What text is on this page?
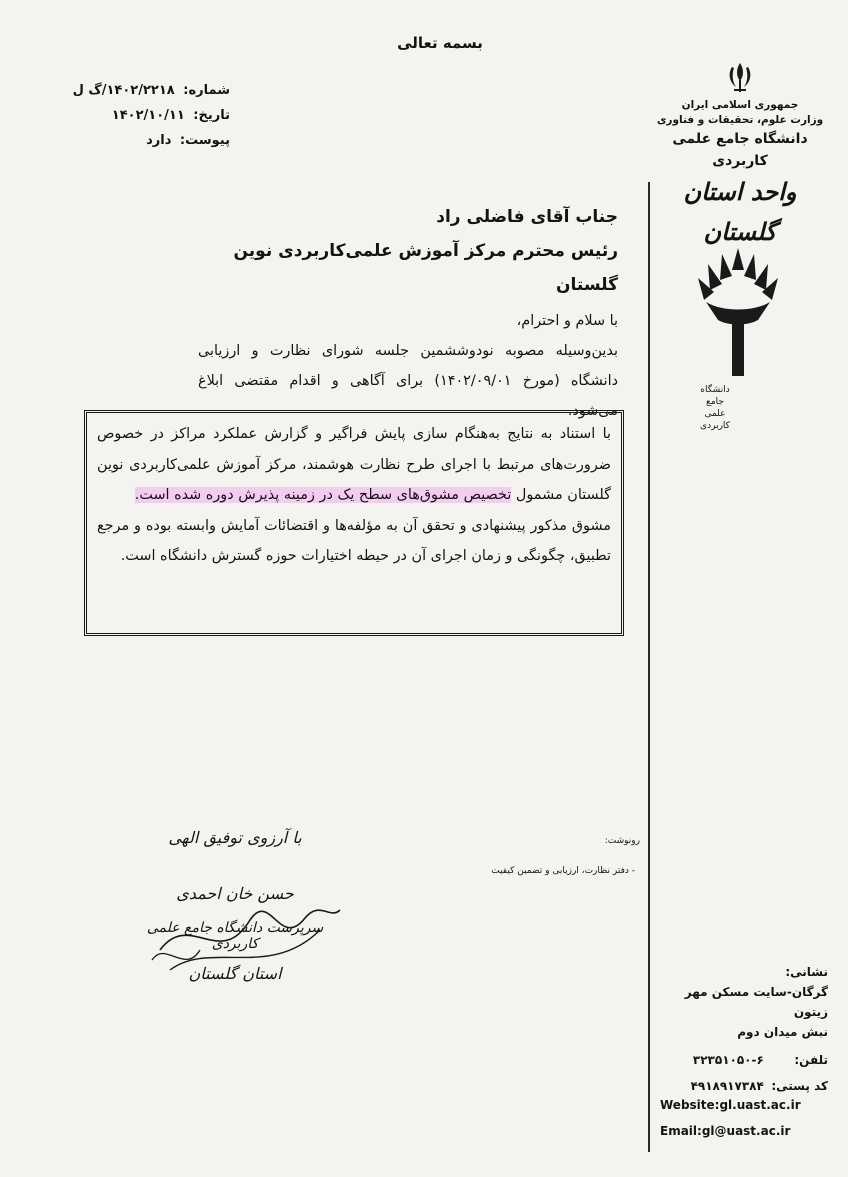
بسمه تعالی
شماره: ۱۴۰۲/۲۲۱۸/گ ل
تاریخ: ۱۴۰۲/۱۰/۱۱
پیوست: دارد
جمهوری اسلامی ایران
وزارت علوم، تحقیقات و فناوری
دانشگاه جامع علمی کاربردی
واحد استان گلستان
دانشگاه جامع
علمی کاربردی
جناب آقای فاضلی راد
رئیس محترم مرکز آموزش علمی‌کاربردی نوین گلستان

با سلام و احترام،

بدین‌وسیله مصوبه نودوششمین جلسه شورای نظارت و ارزیابی دانشگاه (مورخ ۱۴۰۲/۰۹/۰۱) برای آگاهی و اقدام مقتضی ابلاغ می‌شود.

با استناد به نتایج به‌هنگام سازی پایش فراگیر و گزارش عملکرد مراکز در خصوص ضرورت‌های مرتبط با اجرای طرح نظارت هوشمند، مرکز آموزش علمی‌کاربردی نوین گلستان مشمول تخصیص مشوق‌های سطح یک در زمینه پذیرش دوره شده است.

مشوق مذکور پیشنهادی و تحقق آن به مؤلفه‌ها و اقتضائات آمایش وابسته بوده و مرجع تطبیق، چگونگی و زمان اجرای آن در حیطه اختیارات حوزه گسترش دانشگاه است.

با آرزوی توفیق الهی
حسن خان احمدی
سرپرست دانشگاه جامع علمی کاربردی
استان گلستان
رونوشت:
- دفتر نظارت، ارزیابی و تضمین کیفیت
نشانی:
گرگان-سایت مسکن مهر زیتون
نبش میدان دوم
تلفن: ۳۲۳۵۱۰۵۰-۶
کد پستی: ۴۹۱۸۹۱۷۳۸۴
Website:gl.uast.ac.ir
Email:gl@uast.ac.ir
